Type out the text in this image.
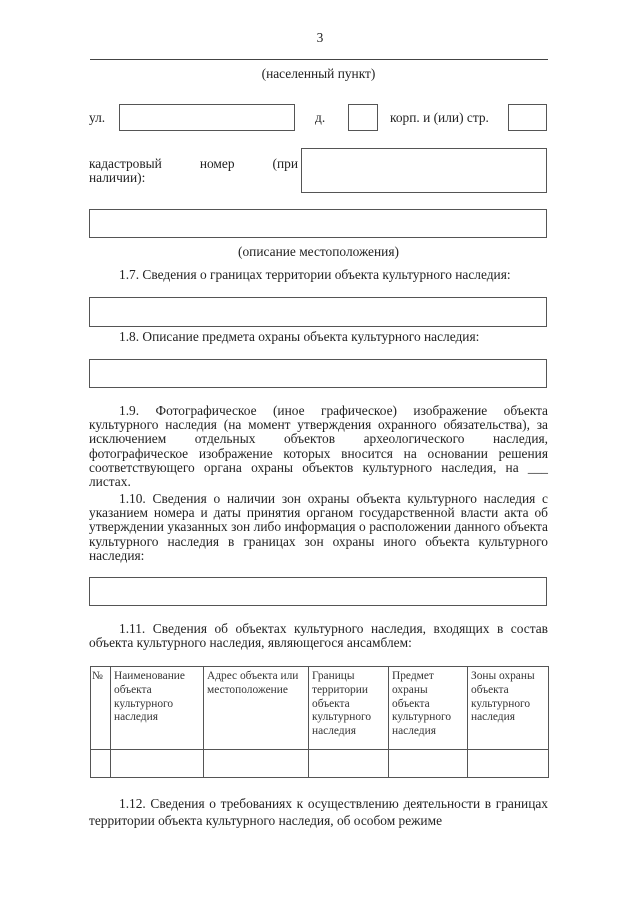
3
(населенный пункт)
ул.	д.	корп. и (или) стр.
кадастровый	номер	(при
наличии):
(описание местоположения)
1.7. Сведения о границах территории объекта культурного наследия:
1.8. Описание предмета охраны объекта культурного наследия:
1.9. Фотографическое (иное графическое) изображение объекта культурного наследия (на момент утверждения охранного обязательства), за исключением отдельных объектов археологического наследия, фотографическое изображение которых вносится на основании решения соответствующего органа охраны объектов культурного наследия, на ___ листах.
1.10. Сведения о наличии зон охраны объекта культурного наследия с указанием номера и даты принятия органом государственной власти акта об утверждении указанных зон либо информация о расположении данного объекта культурного наследия в границах зон охраны иного объекта культурного наследия:
1.11. Сведения об объектах культурного наследия, входящих в состав объекта культурного наследия, являющегося ансамблем:
№	Наименование объекта культурного наследия	Адрес объекта или местоположение	Границы территории объекта культурного наследия	Предмет охраны объекта культурного наследия	Зоны охраны объекта культурного наследия

1.12. Сведения о требованиях к осуществлению деятельности в границах территории объекта культурного наследия, об особом режиме
